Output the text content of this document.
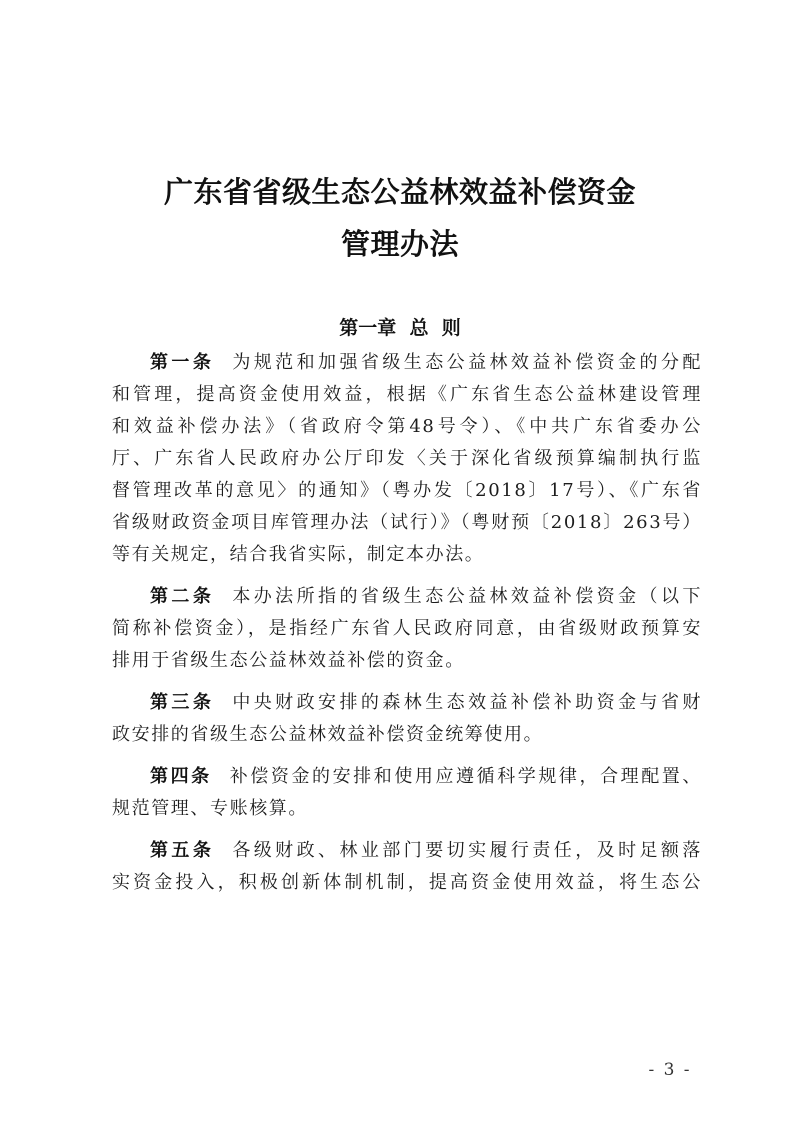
广东省省级生态公益林效益补偿资金
管理办法
第一章  总  则
第一条 为规范和加强省级生态公益林效益补偿资金的分配
和管理，提高资金使用效益，根据《广东省生态公益林建设管理
和效益补偿办法》（省政府令第48号令）、《中共广东省委办公
厅、广东省人民政府办公厅印发〈关于深化省级预算编制执行监
督管理改革的意见〉的通知》（粤办发〔2018〕17号）、《广东省
省级财政资金项目库管理办法（试行）》（粤财预〔2018〕263号）
等有关规定，结合我省实际，制定本办法。
第二条 本办法所指的省级生态公益林效益补偿资金（以下
简称补偿资金），是指经广东省人民政府同意，由省级财政预算安
排用于省级生态公益林效益补偿的资金。
第三条 中央财政安排的森林生态效益补偿补助资金与省财
政安排的省级生态公益林效益补偿资金统筹使用。
第四条 补偿资金的安排和使用应遵循科学规律，合理配置、
规范管理、专账核算。
第五条 各级财政、林业部门要切实履行责任，及时足额落
实资金投入，积极创新体制机制，提高资金使用效益，将生态公
- 3 -
